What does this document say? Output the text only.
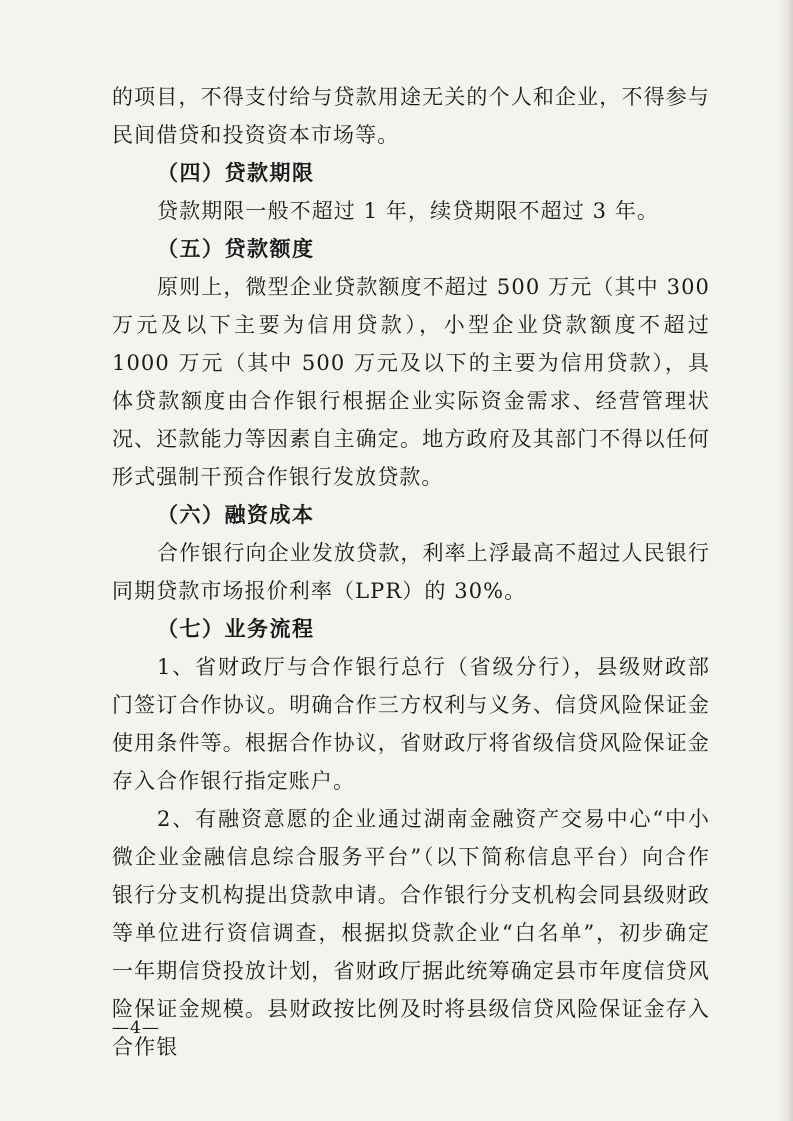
的项目，不得支付给与贷款用途无关的个人和企业，不得参与民间借贷和投资资本市场等。

（四）贷款期限

贷款期限一般不超过 1 年，续贷期限不超过 3 年。

（五）贷款额度

原则上，微型企业贷款额度不超过 500 万元（其中 300 万元及以下主要为信用贷款），小型企业贷款额度不超过 1000 万元（其中 500 万元及以下的主要为信用贷款），具体贷款额度由合作银行根据企业实际资金需求、经营管理状况、还款能力等因素自主确定。地方政府及其部门不得以任何形式强制干预合作银行发放贷款。

（六）融资成本

合作银行向企业发放贷款，利率上浮最高不超过人民银行同期贷款市场报价利率（LPR）的 30%。

（七）业务流程

1、省财政厅与合作银行总行（省级分行），县级财政部门签订合作协议。明确合作三方权利与义务、信贷风险保证金使用条件等。根据合作协议，省财政厅将省级信贷风险保证金存入合作银行指定账户。

2、有融资意愿的企业通过湖南金融资产交易中心“中小微企业金融信息综合服务平台”（以下简称信息平台）向合作银行分支机构提出贷款申请。合作银行分支机构会同县级财政等单位进行资信调查，根据拟贷款企业“白名单”，初步确定一年期信贷投放计划，省财政厅据此统筹确定县市年度信贷风险保证金规模。县财政按比例及时将县级信贷风险保证金存入合作银

—4—
